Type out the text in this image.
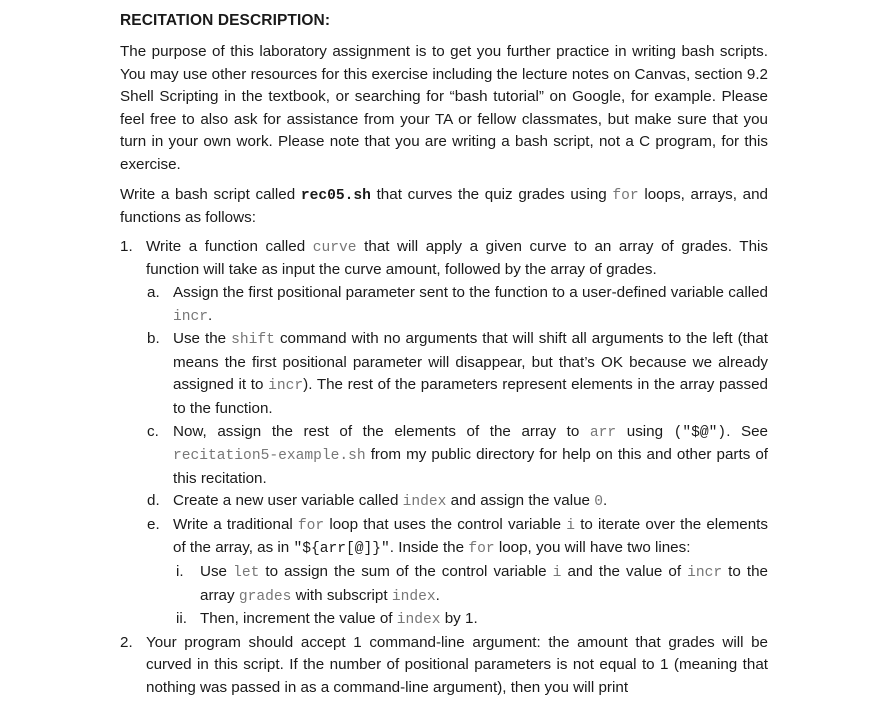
RECITATION DESCRIPTION:

The purpose of this laboratory assignment is to get you further practice in writing bash scripts. You may use other resources for this exercise including the lecture notes on Canvas, section 9.2 Shell Scripting in the textbook, or searching for “bash tutorial” on Google, for example. Please feel free to also ask for assistance from your TA or fellow classmates, but make sure that you turn in your own work. Please note that you are writing a bash script, not a C program, for this exercise.

Write a bash script called rec05.sh that curves the quiz grades using for loops, arrays, and functions as follows:

1. Write a function called curve that will apply a given curve to an array of grades. This function will take as input the curve amount, followed by the array of grades.
a. Assign the first positional parameter sent to the function to a user-defined variable called incr.
b. Use the shift command with no arguments that will shift all arguments to the left (that means the first positional parameter will disappear, but that’s OK because we already assigned it to incr). The rest of the parameters represent elements in the array passed to the function.
c. Now, assign the rest of the elements of the array to arr using ("$@"). See recitation5-example.sh from my public directory for help on this and other parts of this recitation.
d. Create a new user variable called index and assign the value 0.
e. Write a traditional for loop that uses the control variable i to iterate over the elements of the array, as in "${arr[@]}". Inside the for loop, you will have two lines:
i. Use let to assign the sum of the control variable i and the value of incr to the array grades with subscript index.
ii. Then, increment the value of index by 1.
2. Your program should accept 1 command-line argument: the amount that grades will be curved in this script. If the number of positional parameters is not equal to 1 (meaning that nothing was passed in as a command-line argument), then you will print
